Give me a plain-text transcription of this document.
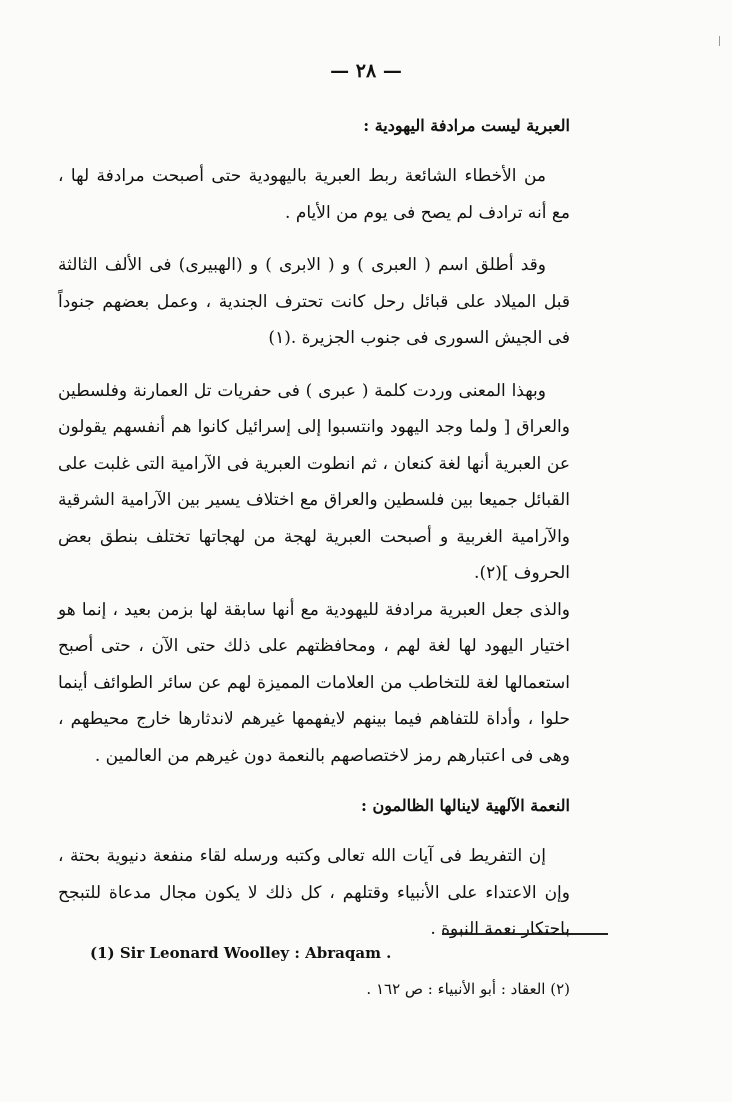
— ٢٨ —
العبرية ليست مرادفة اليهودية :

من الأخطاء الشائعة ربط العبرية باليهودية حتى أصبحت مرادفة لها ، مع أنه ترادف لم يصح فى يوم من الأيام .

وقد أطلق اسم ( العبرى ) و ( الابرى ) و (الهبيرى) فى الألف الثالثة قبل الميلاد على قبائل رحل كانت تحترف الجندية ، وعمل بعضهم جنوداً فى الجيش السورى فى جنوب الجزيرة .(١)

وبهذا المعنى وردت كلمة ( عبرى ) فى حفريات تل العمارنة وفلسطين والعراق [ ولما وجد اليهود وانتسبوا إلى إسرائيل كانوا هم أنفسهم يقولون عن العبرية أنها لغة كنعان ، ثم انطوت العبرية فى الآرامية التى غلبت على القبائل جميعا بين فلسطين والعراق مع اختلاف يسير بين الآرامية الشرقية والآرامية الغربية و أصبحت العبرية لهجة من لهجاتها تختلف بنطق بعض الحروف ](٢).

والذى جعل العبرية مرادفة لليهودية مع أنها سابقة لها بزمن بعيد ، إنما هو اختيار اليهود لها لغة لهم ، ومحافظتهم على ذلك حتى الآن ، حتى أصبح استعمالها لغة للتخاطب من العلامات المميزة لهم عن سائر الطوائف أينما حلوا ، وأداة للتفاهم فيما بينهم لايفهمها غيرهم لاندثارها خارج محيطهم ، وهى فى اعتبارهم رمز لاختصاصهم بالنعمة دون غيرهم من العالمين .

النعمة الآلهية لاينالها الظالمون :

إن التفريط فى آيات الله تعالى وكتبه ورسله لقاء منفعة دنيوية بحتة ، وإن الاعتداء على الأنبياء وقتلهم ، كل ذلك لا يكون مجال مدعاة للتبجح باحتكار نعمة النبوة .

(1) Sir Leonard Woolley : Abraqam .
(٢) العقاد : أبو الأنبياء : ص ١٦٢ .
